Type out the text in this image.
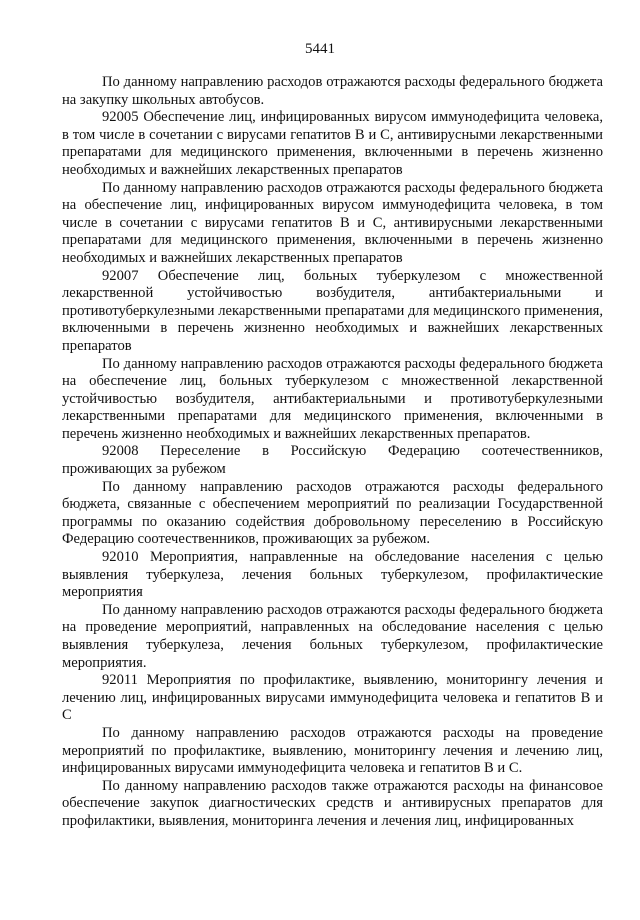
5441

По данному направлению расходов отражаются расходы федерального бюджета на закупку школьных автобусов.

92005 Обеспечение лиц, инфицированных вирусом иммунодефицита человека, в том числе в сочетании с вирусами гепатитов B и C, антивирусными лекарственными препаратами для медицинского применения, включенными в перечень жизненно необходимых и важнейших лекарственных препаратов

По данному направлению расходов отражаются расходы федерального бюджета на обеспечение лиц, инфицированных вирусом иммунодефицита человека, в том числе в сочетании с вирусами гепатитов B и C, антивирусными лекарственными препаратами для медицинского применения, включенными в перечень жизненно необходимых и важнейших лекарственных препаратов

92007 Обеспечение лиц, больных туберкулезом с множественной лекарственной устойчивостью возбудителя, антибактериальными и противотуберкулезными лекарственными препаратами для медицинского применения, включенными в перечень жизненно необходимых и важнейших лекарственных препаратов

По данному направлению расходов отражаются расходы федерального бюджета на обеспечение лиц, больных туберкулезом с множественной лекарственной устойчивостью возбудителя, антибактериальными и противотуберкулезными лекарственными препаратами для медицинского применения, включенными в перечень жизненно необходимых и важнейших лекарственных препаратов.

92008 Переселение в Российскую Федерацию соотечественников, проживающих за рубежом

По данному направлению расходов отражаются расходы федерального бюджета, связанные с обеспечением мероприятий по реализации Государственной программы по оказанию содействия добровольному переселению в Российскую Федерацию соотечественников, проживающих за рубежом.

92010 Мероприятия, направленные на обследование населения с целью выявления туберкулеза, лечения больных туберкулезом, профилактические мероприятия

По данному направлению расходов отражаются расходы федерального бюджета на проведение мероприятий, направленных на обследование населения с целью выявления туберкулеза, лечения больных туберкулезом, профилактические мероприятия.

92011 Мероприятия по профилактике, выявлению, мониторингу лечения и лечению лиц, инфицированных вирусами иммунодефицита человека и гепатитов B и C

По данному направлению расходов отражаются расходы на проведение мероприятий по профилактике, выявлению, мониторингу лечения и лечению лиц, инфицированных вирусами иммунодефицита человека и гепатитов B и C.

По данному направлению расходов также отражаются расходы на финансовое обеспечение закупок диагностических средств и антивирусных препаратов для профилактики, выявления, мониторинга лечения и лечения лиц, инфицированных
